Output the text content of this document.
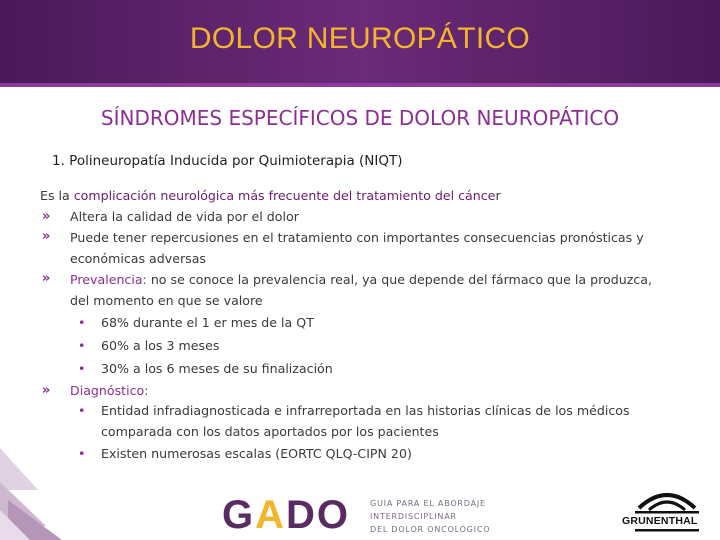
DOLOR NEUROPÁTICO
SÍNDROMES ESPECÍFICOS DE DOLOR NEUROPÁTICO
1. Polineuropatía Inducida por Quimioterapia (NIQT)

Es la complicación neurológica más frecuente del tratamiento del cáncer

» Altera la calidad de vida por el dolor
» Puede tener repercusiones en el tratamiento con importantes consecuencias pronósticas y
económicas adversas
» Prevalencia: no se conoce la prevalencia real, ya que depende del fármaco que la produzca,
del momento en que se valore
• 68% durante el 1 er mes de la QT
• 60% a los 3 meses
• 30% a los 6 meses de su finalización
» Diagnóstico:
• Entidad infradiagnosticada e infrarreportada en las historias clínicas de los médicos
comparada con los datos aportados por los pacientes
• Existen numerosas escalas (EORTC QLQ-CIPN 20)
GADO GUÍA PARA EL ABORDAJE
INTERDISCIPLINAR
DEL DOLOR ONCOLÓGICO
GRUNENTHAL
